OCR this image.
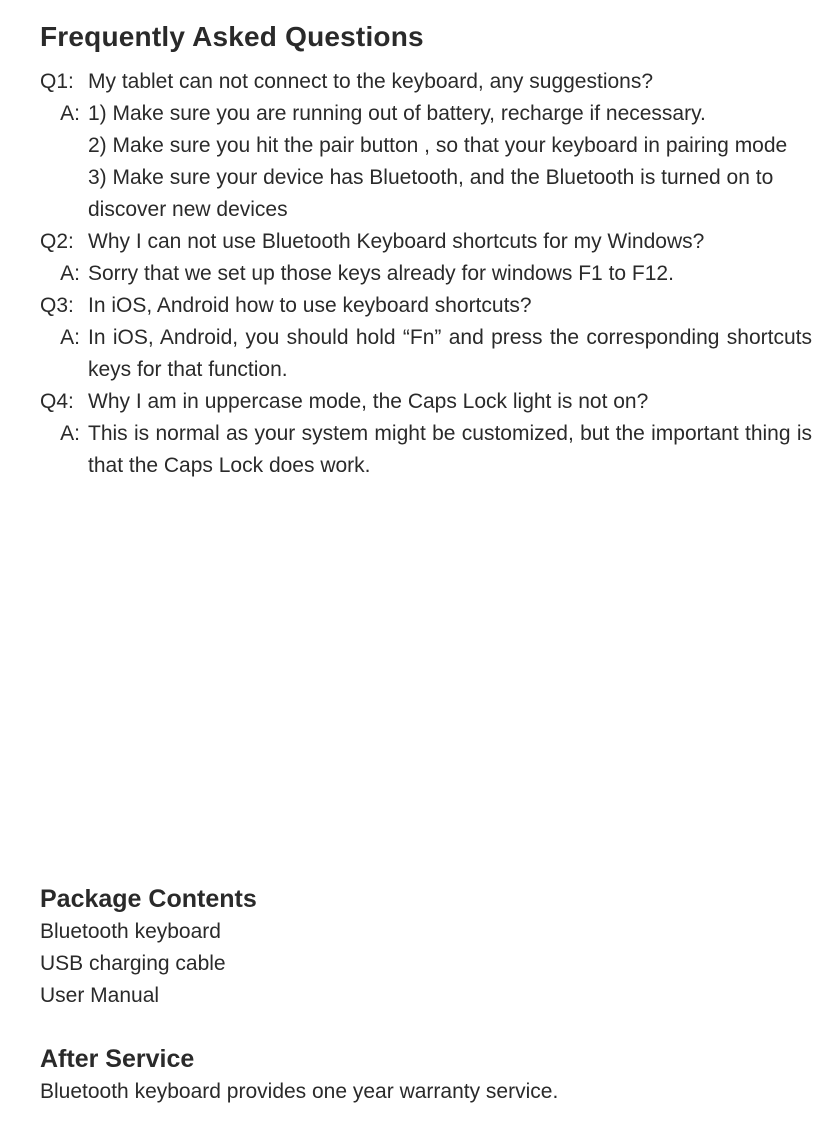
Frequently Asked Questions
Q1: My tablet can not connect to the keyboard, any suggestions?
A: 1) Make sure you are running out of battery, recharge if necessary.
2) Make sure you hit the pair button , so that your keyboard in pairing mode
3) Make sure your device has Bluetooth, and the Bluetooth is turned on to discover new devices
Q2: Why I can not use Bluetooth Keyboard shortcuts for my Windows?
A: Sorry that we set up those keys already for windows F1 to F12.
Q3: In iOS, Android how to use keyboard shortcuts?
A: In iOS, Android, you should hold “Fn” and press the corresponding shortcuts keys for that function.
Q4: Why I am in uppercase mode, the Caps Lock light is not on?
A: This is normal as your system might be customized, but the important thing is that the Caps Lock does work.
Package Contents
Bluetooth keyboard
USB charging cable
User Manual
After Service
Bluetooth keyboard provides one year warranty service.
